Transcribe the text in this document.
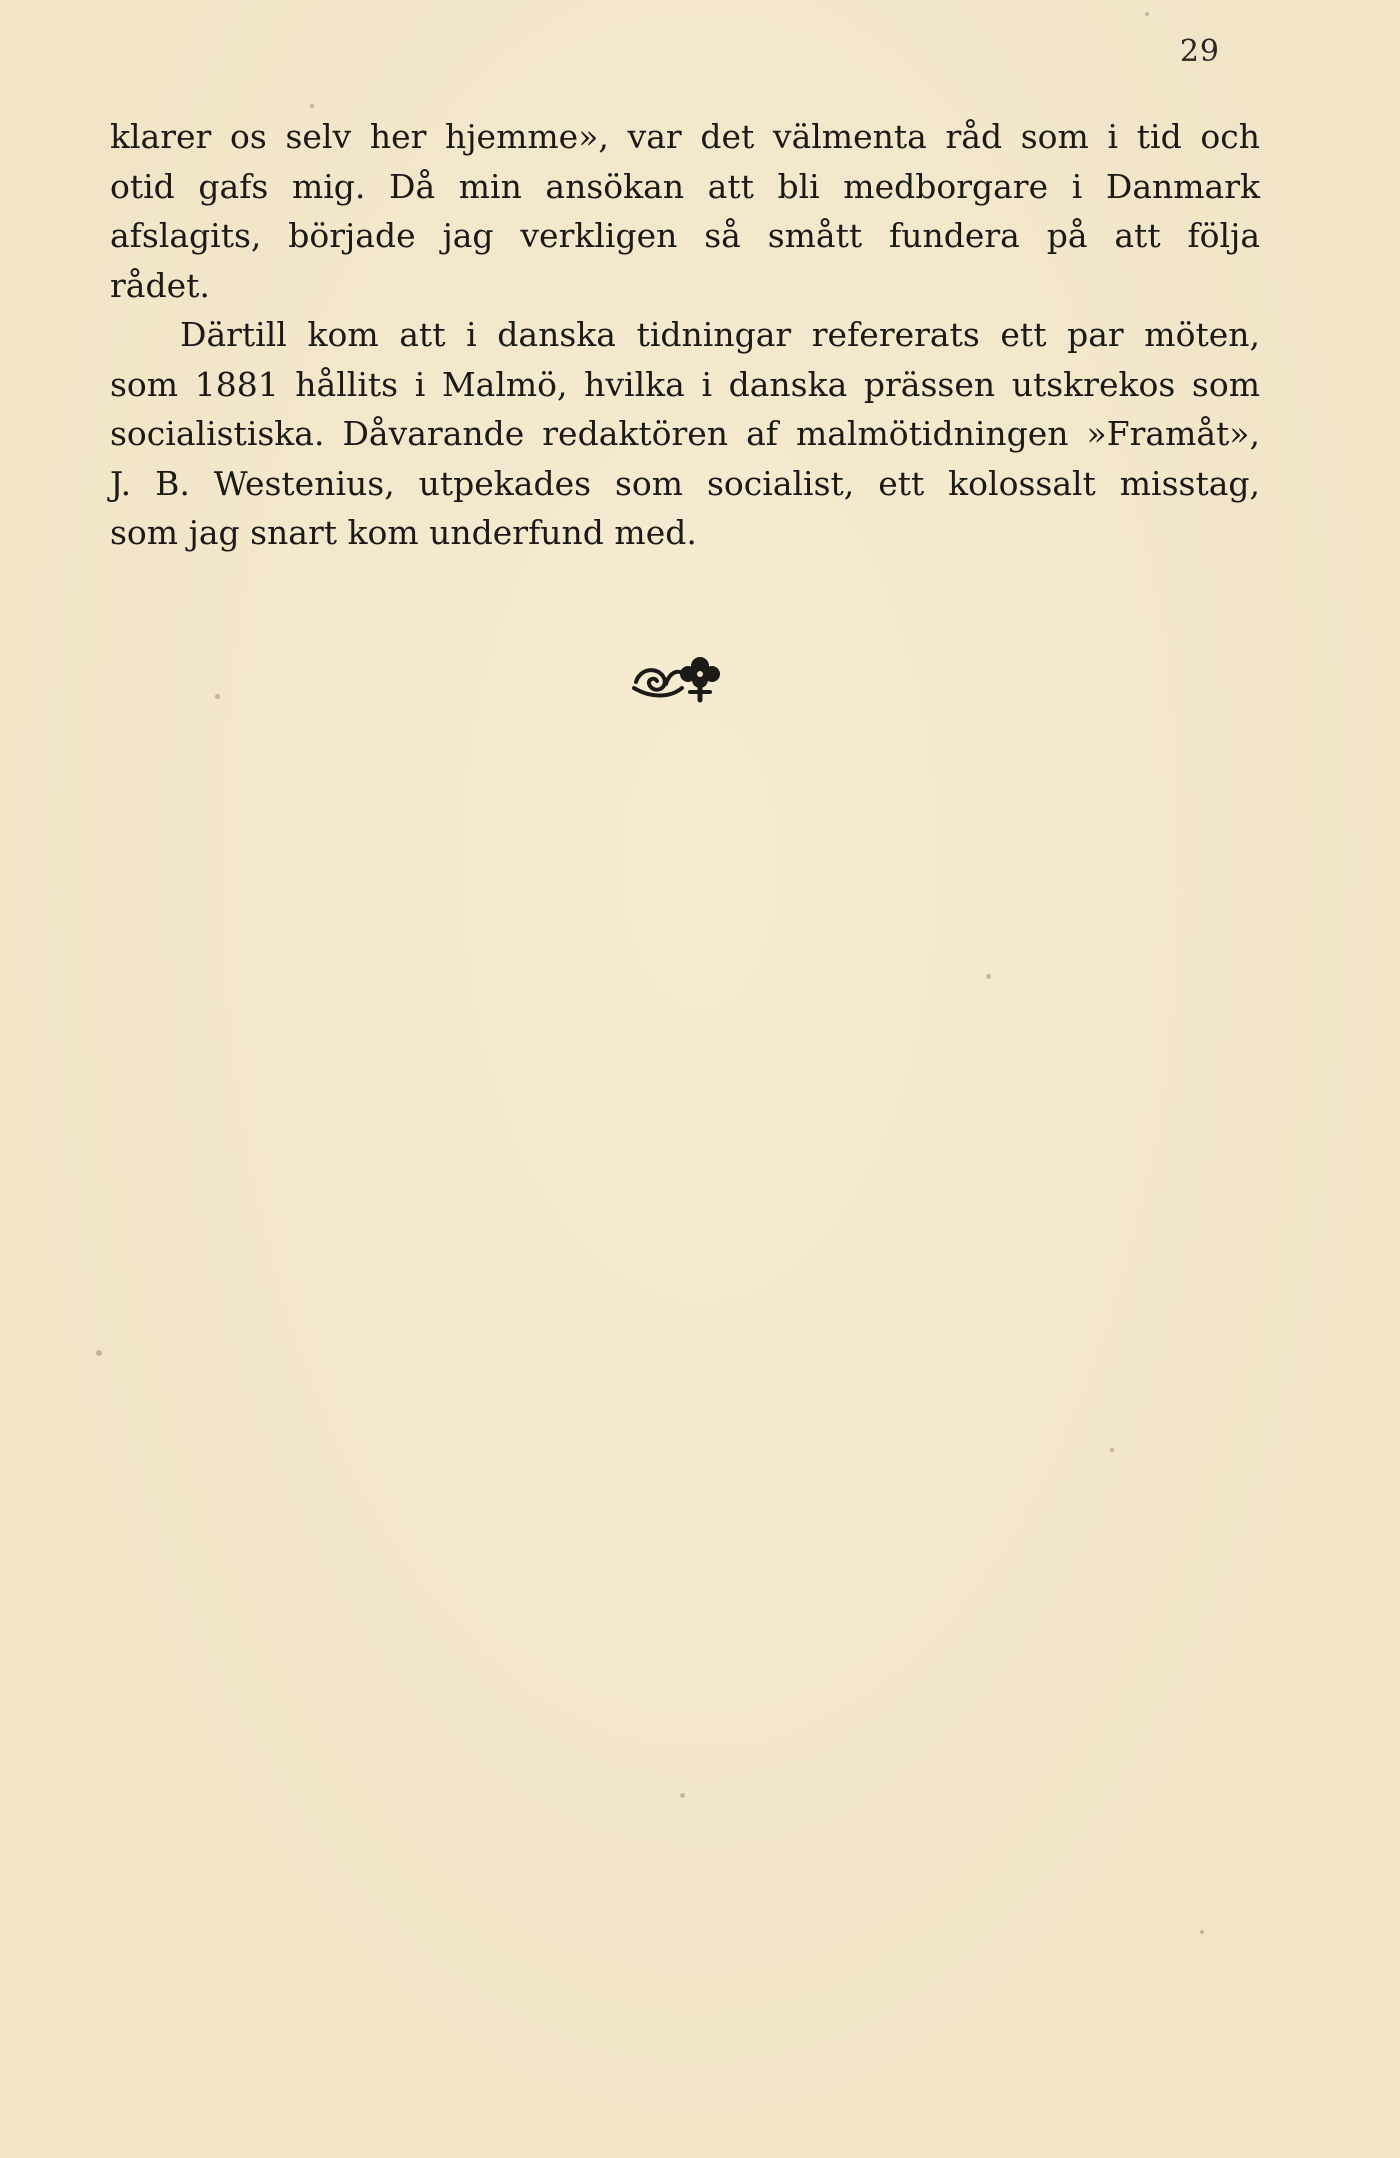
29
klarer os selv her hjemme», var det välmenta råd som i tid och
otid gafs mig. Då min ansökan att bli medborgare i Danmark
afslagits, började jag verkligen så smått fundera på att följa
rådet.
Därtill kom att i danska tidningar refererats ett par möten,
som 1881 hållits i Malmö, hvilka i danska prässen utskrekos som
socialistiska. Dåvarande redaktören af malmötidningen »Framåt»,
J. B. Westenius, utpekades som socialist, ett kolossalt misstag,
som jag snart kom underfund med.
